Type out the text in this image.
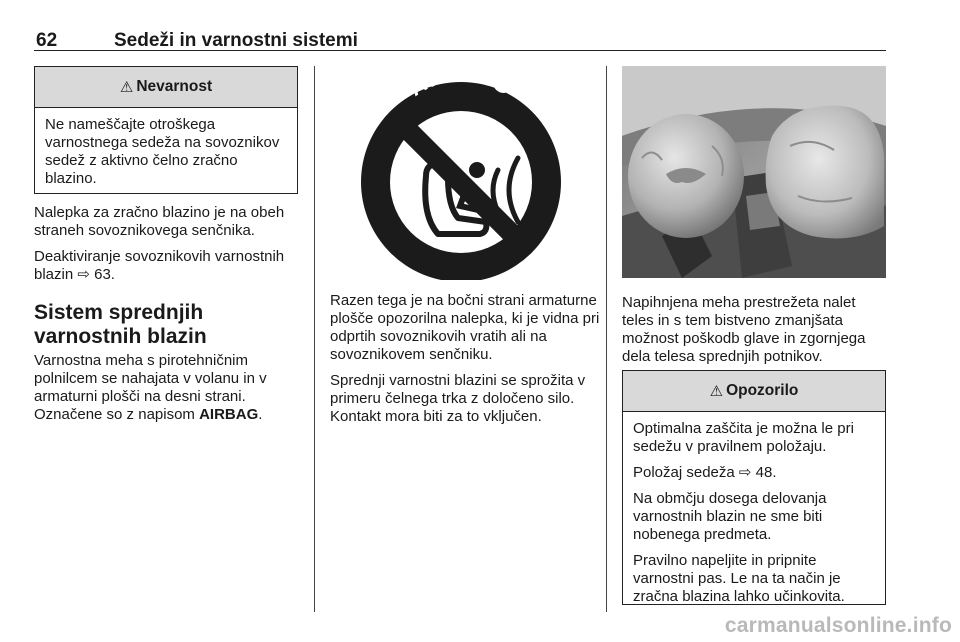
62	Sedeži in varnostni sistemi
⚠ Nevarnost

Ne nameščajte otroškega varnostnega sedeža na sovoznikov sedež z aktivno čelno zračno blazino.

Nalepka za zračno blazino je na obeh straneh sovoznikovega senčnika.

Deaktiviranje sovoznikovih varnostnih blazin ⇨ 63.

Sistem sprednjih varnostnih blazin
Varnostna meha s pirotehničnim polnilcem se nahajata v volanu in v armaturni plošči na desni strani. Označene so z napisom AIRBAG.
AIRBAG

Razen tega je na bočni strani armaturne plošče opozorilna nalepka, ki je vidna pri odprtih sovoznikovih vratih ali na sovoznikovem senčniku.

Sprednji varnostni blazini se sprožita v primeru čelnega trka z določeno silo. Kontakt mora biti za to vključen.

Napihnjena meha prestrežeta nalet teles in s tem bistveno zmanjšata možnost poškodb glave in zgornjega dela telesa sprednjih potnikov.

⚠ Opozorilo

Optimalna zaščita je možna le pri sedežu v pravilnem položaju.

Položaj sedeža ⇨ 48.

Na obmčju dosega delovanja varnostnih blazin ne sme biti nobenega predmeta.

Pravilno napeljite in pripnite varnostni pas. Le na ta način je zračna blazina lahko učinkovita.

carmanualsonline.info
